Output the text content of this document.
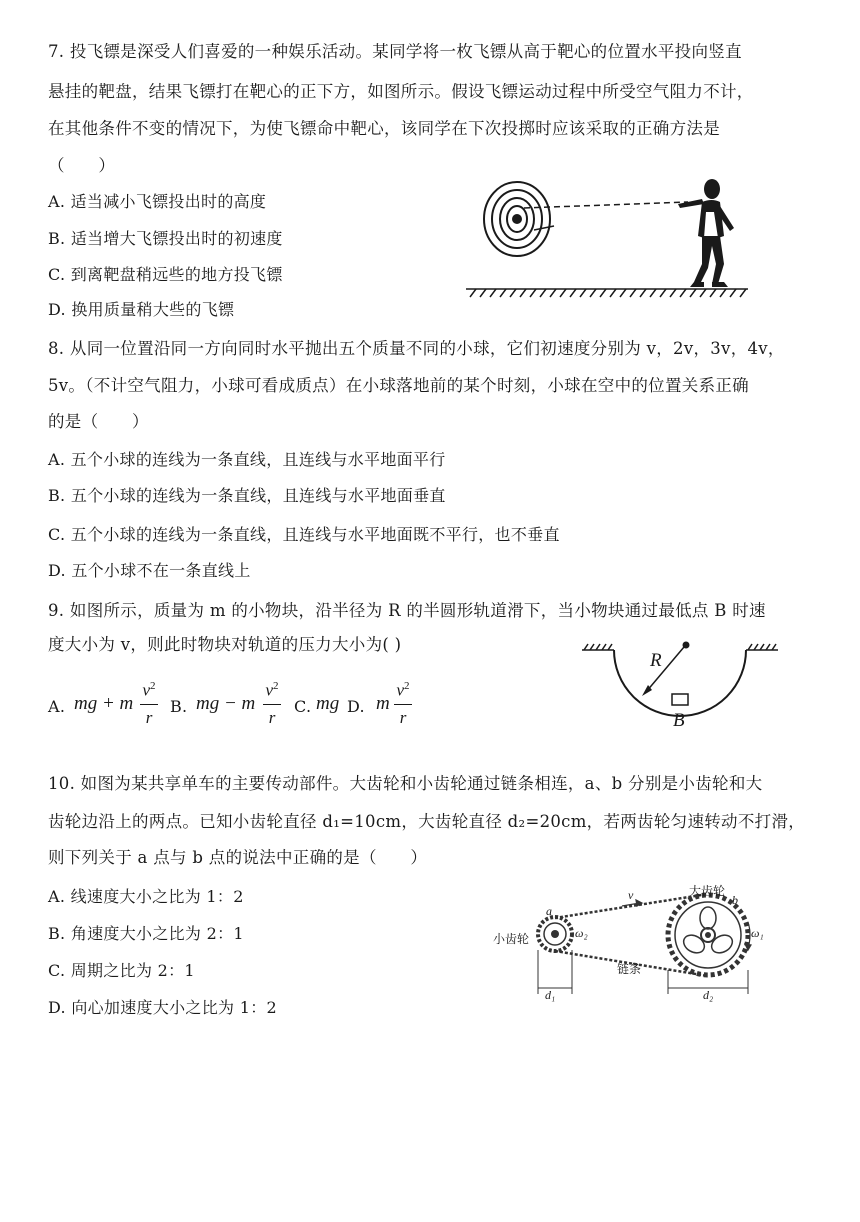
7. 投飞镖是深受人们喜爱的一种娱乐活动。某同学将一枚飞镖从高于靶心的位置水平投向竖直
悬挂的靶盘，结果飞镖打在靶心的正下方，如图所示。假设飞镖运动过程中所受空气阻力不计，
在其他条件不变的情况下，为使飞镖命中靶心，该同学在下次投掷时应该采取的正确方法是
（　　）
A. 适当减小飞镖投出时的高度
B. 适当增大飞镖投出时的初速度
C. 到离靶盘稍远些的地方投飞镖
D. 换用质量稍大些的飞镖
8. 从同一位置沿同一方向同时水平抛出五个质量不同的小球，它们初速度分别为 v，2v，3v，4v，
5v。（不计空气阻力，小球可看成质点）在小球落地前的某个时刻，小球在空中的位置关系正确
的是（　　）
A. 五个小球的连线为一条直线，且连线与水平地面平行
B. 五个小球的连线为一条直线，且连线与水平地面垂直
C. 五个小球的连线为一条直线，且连线与水平地面既不平行，也不垂直
D. 五个小球不在一条直线上
9. 如图所示，质量为 m 的小物块，沿半径为 R 的半圆形轨道滑下，当小物块通过最低点 B 时速
度大小为 v，则此时物块对轨道的压力大小为( )
A. mg + m
$v^2$
r
B. mg − m
$v^2$
r
C. mg D. m
$v^2$
r
R
B
10. 如图为某共享单车的主要传动部件。大齿轮和小齿轮通过链条相连，a、b 分别是小齿轮和大
齿轮边沿上的两点。已知小齿轮直径 d₁=10cm，大齿轮直径 d₂=20cm，若两齿轮匀速转动不打滑，
则下列关于 a 点与 b 点的说法中正确的是（　　）
A. 线速度大小之比为 1：2
B. 角速度大小之比为 2：1
C. 周期之比为 2：1
D. 向心加速度大小之比为 1：2
大齿轮
小齿轮
链条
v
a
b
ω₁
ω₂
d₁	d₂
